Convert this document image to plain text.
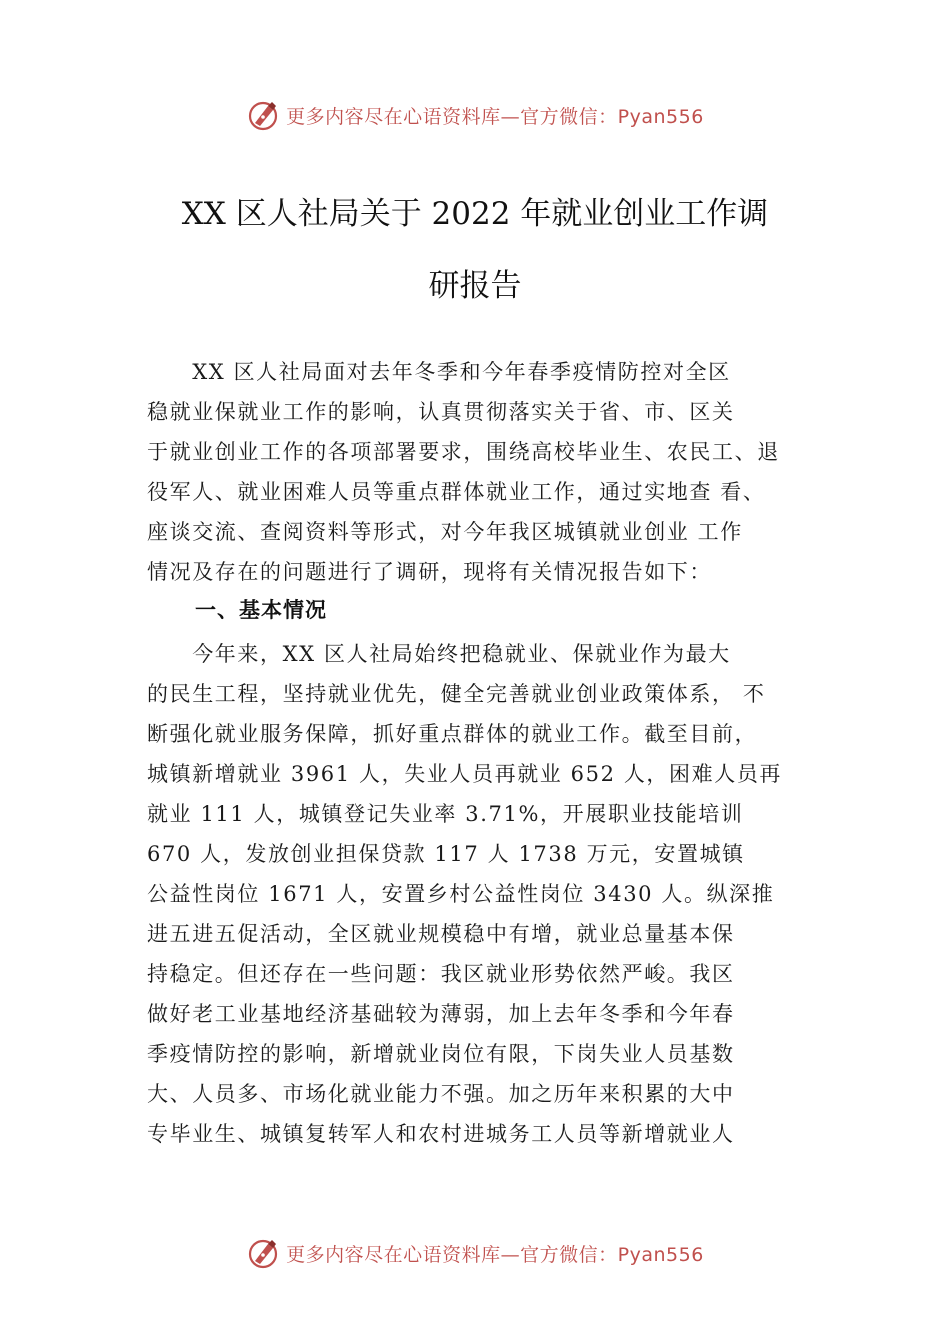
更多内容尽在心语资料库—官方微信：Pyan556
XX 区人社局关于 2022 年就业创业工作调
研报告
　　XX 区人社局面对去年冬季和今年春季疫情防控对全区
稳就业保就业工作的影响，认真贯彻落实关于省、市、区关
于就业创业工作的各项部署要求，围绕高校毕业生、农民工、退
役军人、就业困难人员等重点群体就业工作，通过实地查 看、
座谈交流、查阅资料等形式，对今年我区城镇就业创业 工作
情况及存在的问题进行了调研，现将有关情况报告如下：
一、基本情况
　　今年来，XX 区人社局始终把稳就业、保就业作为最大
的民生工程，坚持就业优先，健全完善就业创业政策体系， 不
断强化就业服务保障，抓好重点群体的就业工作。截至目前，
城镇新增就业 3961 人，失业人员再就业 652 人，困难人员再
就业 111 人，城镇登记失业率 3.71%，开展职业技能培训
670 人，发放创业担保贷款 117 人 1738 万元，安置城镇
公益性岗位 1671 人，安置乡村公益性岗位 3430 人。纵深推
进五进五促活动，全区就业规模稳中有增，就业总量基本保
持稳定。但还存在一些问题：我区就业形势依然严峻。我区
做好老工业基地经济基础较为薄弱，加上去年冬季和今年春
季疫情防控的影响，新增就业岗位有限，下岗失业人员基数
大、人员多、市场化就业能力不强。加之历年来积累的大中
专毕业生、城镇复转军人和农村进城务工人员等新增就业人
更多内容尽在心语资料库—官方微信：Pyan556
